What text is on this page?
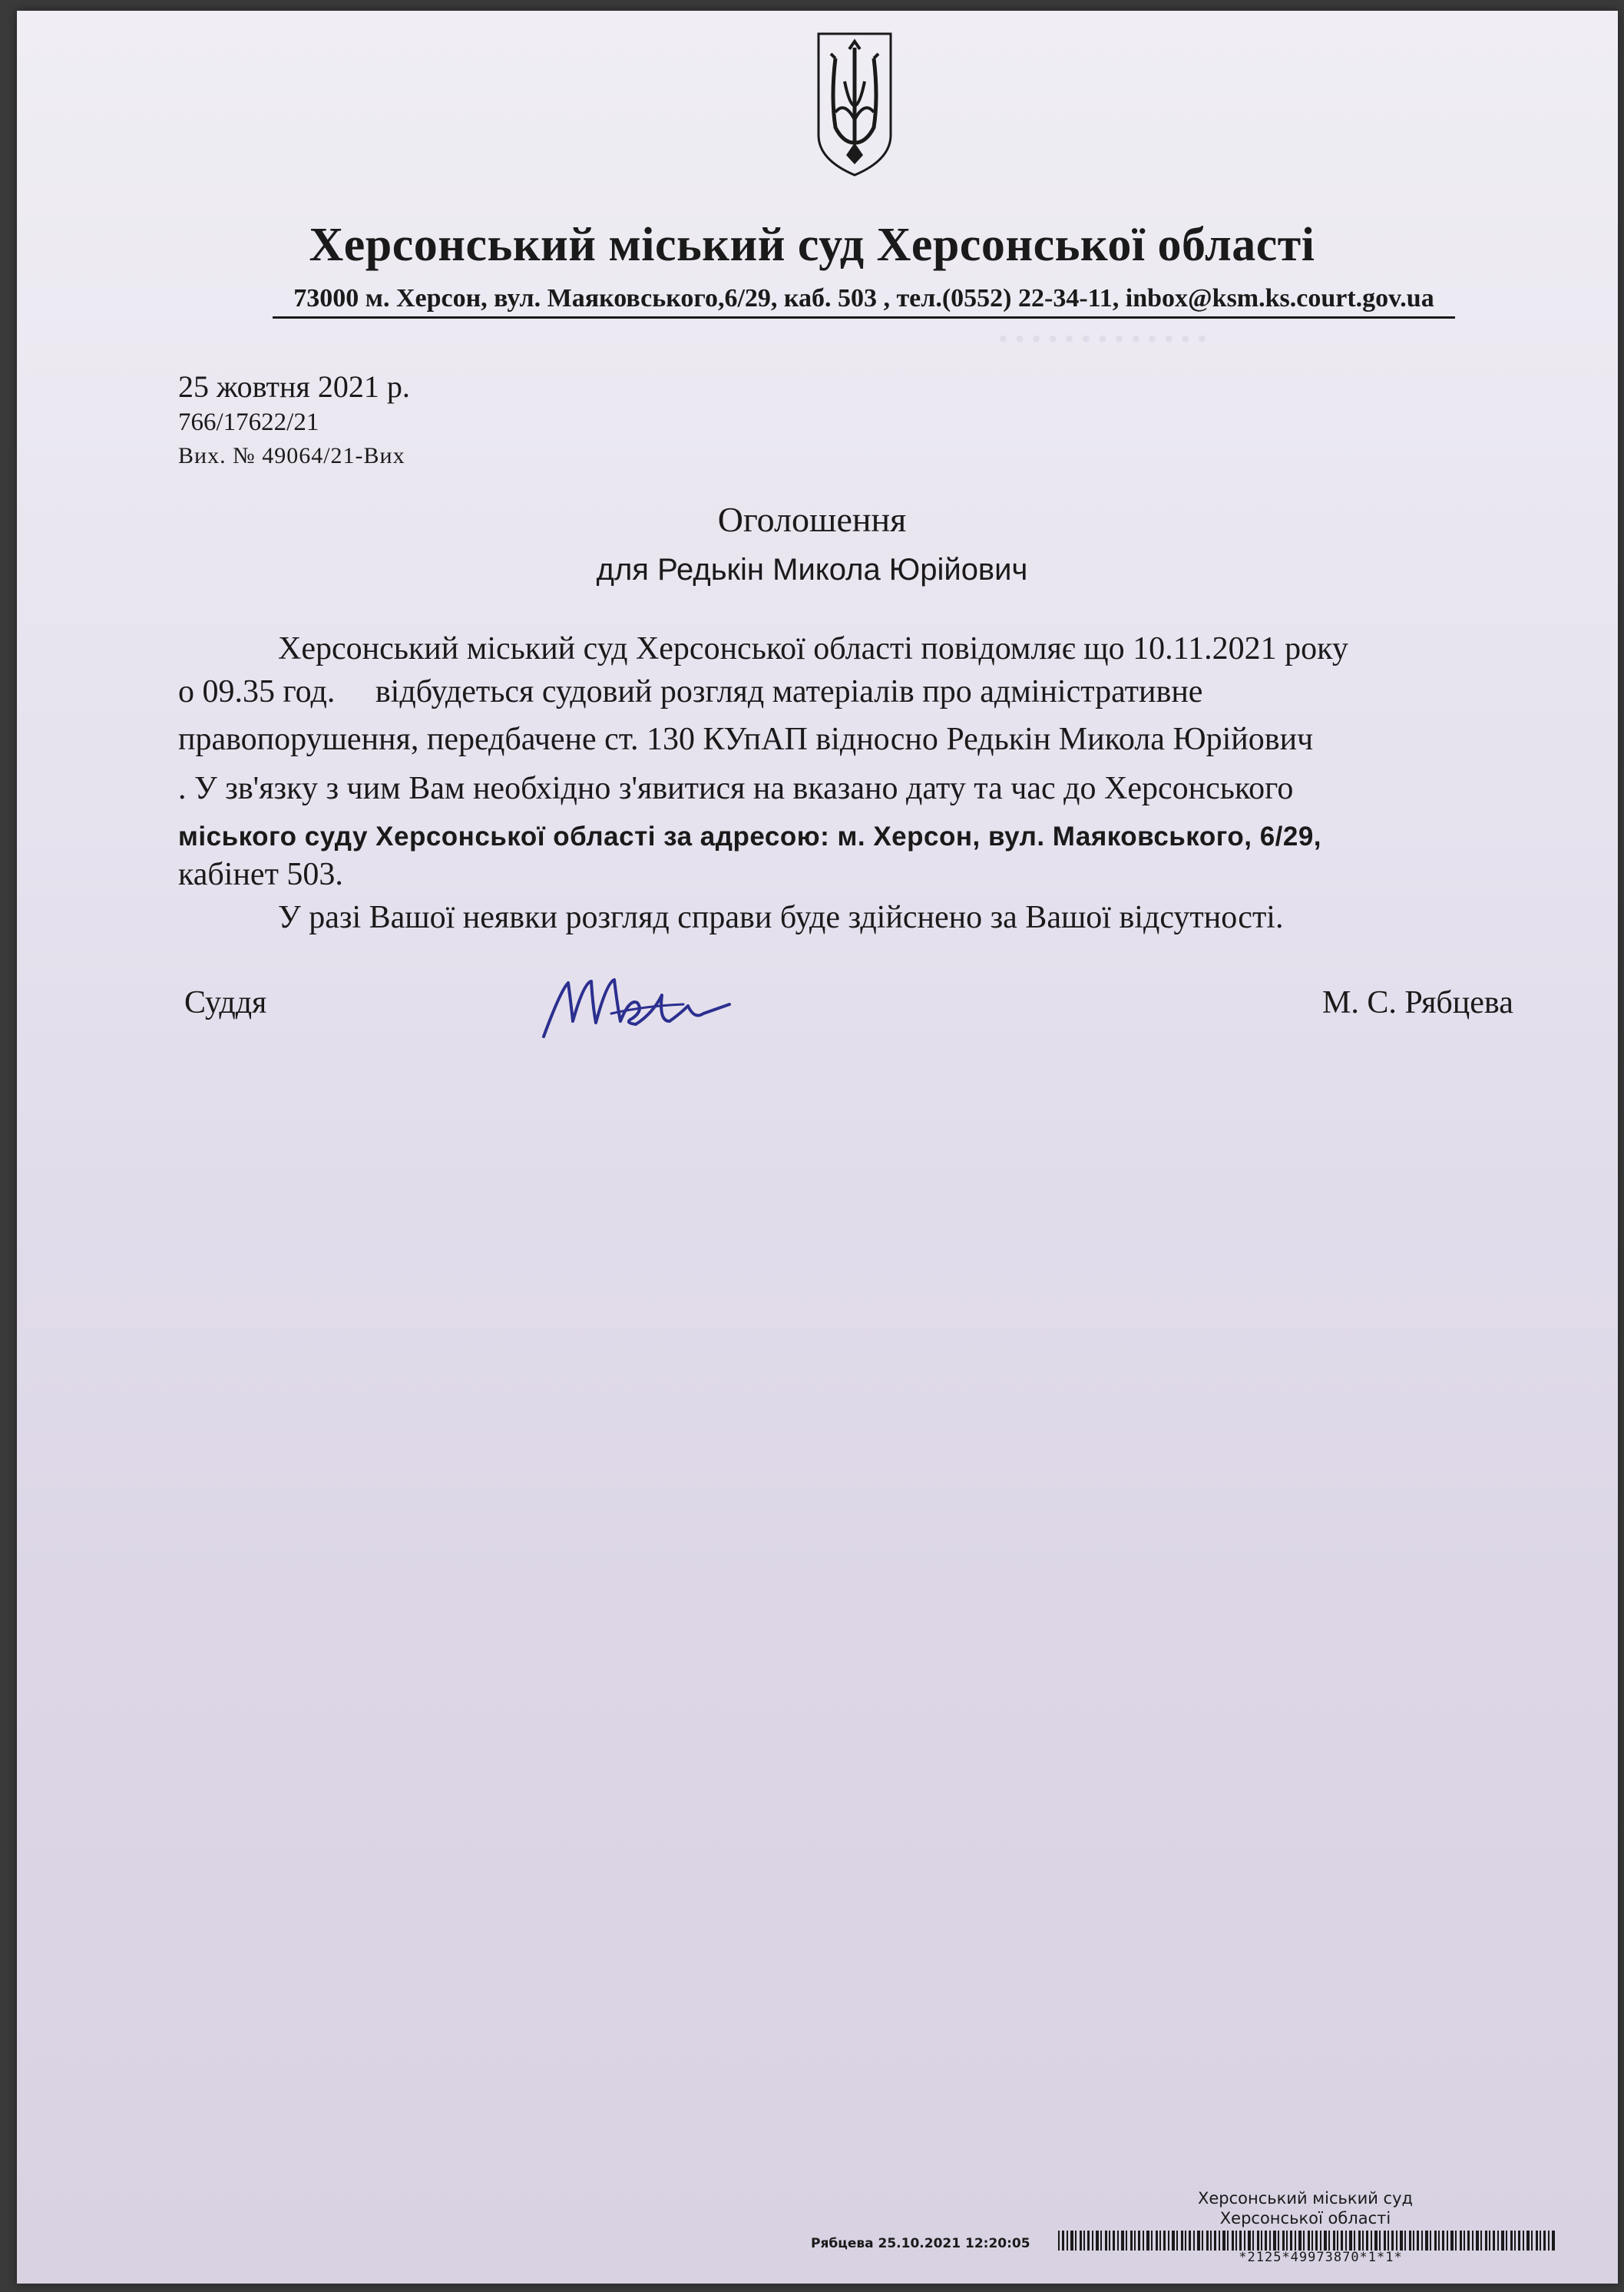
Херсонський міський суд Херсонської області
73000 м. Херсон, вул. Маяковського,6/29, каб. 503 , тел.(0552) 22-34-11, inbox@ksm.ks.court.gov.ua
25 жовтня 2021 р.
766/17622/21
Вих. № 49064/21-Вих
Оголошення
для Редькін Микола Юрійович
Херсонський міський суд Херсонської області повідомляє що 10.11.2021 року
о 09.35 год.     відбудеться судовий розгляд матеріалів про адміністративне
правопорушення, передбачене ст. 130 КУпАП відносно Редькін Микола Юрійович
. У зв'язку з чим Вам необхідно з'явитися на вказано дату та час до Херсонського
міського суду Херсонської області за адресою: м. Херсон, вул. Маяковського, 6/29,
кабінет 503.
У разі Вашої неявки розгляд справи буде здійснено за Вашої відсутності.
Суддя	М. С. Рябцева
Херсонський міський суд
Херсонської області
Рябцева 25.10.2021 12:20:05
*2125*49973870*1*1*
